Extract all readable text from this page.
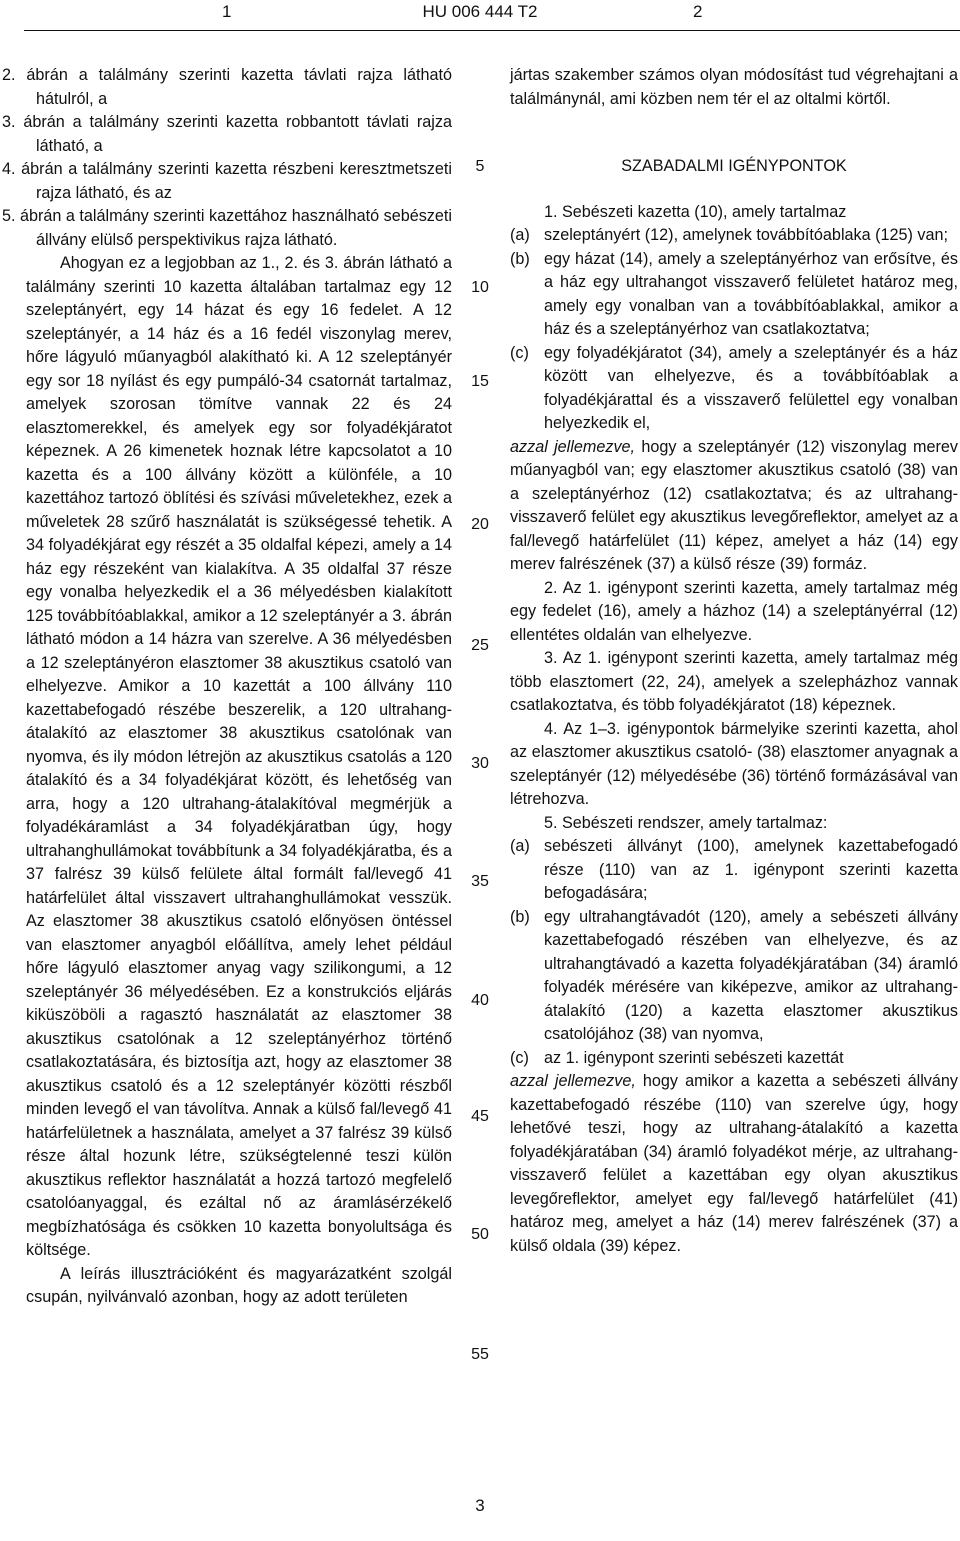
1	HU 006 444 T2	2

2. ábrán a találmány szerinti kazetta távlati rajza látható hátulról, a

3. ábrán a találmány szerinti kazetta robbantott távlati rajza látható, a

4. ábrán a találmány szerinti kazetta részbeni keresztmetszeti rajza látható, és az

5. ábrán a találmány szerinti kazettához használható sebészeti állvány elülső perspektivikus rajza látható.

Ahogyan ez a legjobban az 1., 2. és 3. ábrán látható a találmány szerinti 10 kazetta általában tartalmaz egy 12 szeleptányért, egy 14 házat és egy 16 fedelet. A 12 szeleptányér, a 14 ház és a 16 fedél viszonylag merev, hőre lágyuló műanyagból alakítható ki. A 12 szeleptányér egy sor 18 nyílást és egy pumpáló-34 csatornát tartalmaz, amelyek szorosan tömítve vannak 22 és 24 elasztomerekkel, és amelyek egy sor folyadékjáratot képeznek. A 26 kimenetek hoznak létre kapcsolatot a 10 kazetta és a 100 állvány között a különféle, a 10 kazettához tartozó öblítési és szívási műveletekhez, ezek a műveletek 28 szűrő használatát is szükségessé tehetik. A 34 folyadékjárat egy részét a 35 oldalfal képezi, amely a 14 ház egy részeként van kialakítva. A 35 oldalfal 37 része egy vonalba helyezkedik el a 36 mélyedésben kialakított 125 továbbítóablakkal, amikor a 12 szeleptányér a 3. ábrán látható módon a 14 házra van szerelve. A 36 mélyedésben a 12 szeleptányéron elasztomer 38 akusztikus csatoló van elhelyezve. Amikor a 10 kazettát a 100 állvány 110 kazettabefogadó részébe beszerelik, a 120 ultrahang-átalakító az elasztomer 38 akusztikus csatolónak van nyomva, és ily módon létrejön az akusztikus csatolás a 120 átalakító és a 34 folyadékjárat között, és lehetőség van arra, hogy a 120 ultrahang-átalakítóval megmérjük a folyadékáramlást a 34 folyadékjáratban úgy, hogy ultrahanghullámokat továbbítunk a 34 folyadékjáratba, és a 37 falrész 39 külső felülete által formált fal/levegő 41 határfelület által visszavert ultrahanghullámokat vesszük. Az elasztomer 38 akusztikus csatoló előnyösen öntéssel van elasztomer anyagból előállítva, amely lehet például hőre lágyuló elasztomer anyag vagy szilikongumi, a 12 szeleptányér 36 mélyedésében. Ez a konstrukciós eljárás kiküszöböli a ragasztó használatát az elasztomer 38 akusztikus csatolónak a 12 szeleptányérhoz történő csatlakoztatására, és biztosítja azt, hogy az elasztomer 38 akusztikus csatoló és a 12 szeleptányér közötti részből minden levegő el van távolítva. Annak a külső fal/levegő 41 határfelületnek a használata, amelyet a 37 falrész 39 külső része által hozunk létre, szükségtelenné teszi külön akusztikus reflektor használatát a hozzá tartozó megfelelő csatolóanyaggal, és ezáltal nő az áramlásérzékelő megbízhatósága és csökken 10 kazetta bonyolultsága és költsége.

A leírás illusztrációként és magyarázatként szolgál csupán, nyilvánvaló azonban, hogy az adott területen

5
10
15
20
25
30
35
40
45
50
55

jártas szakember számos olyan módosítást tud végrehajtani a találmánynál, ami közben nem tér el az oltalmi körtől.

SZABADALMI IGÉNYPONTOK

1. Sebészeti kazetta (10), amely tartalmaz

(a) szeleptányért (12), amelynek továbbítóablaka (125) van;
(b) egy házat (14), amely a szeleptányérhoz van erősítve, és a ház egy ultrahangot visszaverő felületet határoz meg, amely egy vonalban van a továbbítóablakkal, amikor a ház és a szeleptányérhoz van csatlakoztatva;
(c) egy folyadékjáratot (34), amely a szeleptányér és a ház között van elhelyezve, és a továbbítóablak a folyadékjárattal és a visszaverő felülettel egy vonalban helyezkedik el,

azzal jellemezve, hogy a szeleptányér (12) viszonylag merev műanyagból van; egy elasztomer akusztikus csatoló (38) van a szeleptányérhoz (12) csatlakoztatva; és az ultrahang-visszaverő felület egy akusztikus levegőreflektor, amelyet az a fal/levegő határfelület (11) képez, amelyet a ház (14) egy merev falrészének (37) a külső része (39) formáz.

2. Az 1. igénypont szerinti kazetta, amely tartalmaz még egy fedelet (16), amely a házhoz (14) a szeleptányérral (12) ellentétes oldalán van elhelyezve.

3. Az 1. igénypont szerinti kazetta, amely tartalmaz még több elasztomert (22, 24), amelyek a szelepházhoz vannak csatlakoztatva, és több folyadékjáratot (18) képeznek.

4. Az 1–3. igénypontok bármelyike szerinti kazetta, ahol az elasztomer akusztikus csatoló- (38) elasztomer anyagnak a szeleptányér (12) mélyedésébe (36) történő formázásával van létrehozva.

5. Sebészeti rendszer, amely tartalmaz:

(a) sebészeti állványt (100), amelynek kazettabefogadó része (110) van az 1. igénypont szerinti kazetta befogadására;
(b) egy ultrahangtávadót (120), amely a sebészeti állvány kazettabefogadó részében van elhelyezve, és az ultrahangtávadó a kazetta folyadékjáratában (34) áramló folyadék mérésére van kiképezve, amikor az ultrahang-átalakító (120) a kazetta elasztomer akusztikus csatolójához (38) van nyomva,
(c) az 1. igénypont szerinti sebészeti kazettát

azzal jellemezve, hogy amikor a kazetta a sebészeti állvány kazettabefogadó részébe (110) van szerelve úgy, hogy lehetővé teszi, hogy az ultrahang-átalakító a kazetta folyadékjáratában (34) áramló folyadékot mérje, az ultrahang-visszaverő felület a kazettában egy olyan akusztikus levegőreflektor, amelyet egy fal/levegő határfelület (41) határoz meg, amelyet a ház (14) merev falrészének (37) a külső oldala (39) képez.

3
